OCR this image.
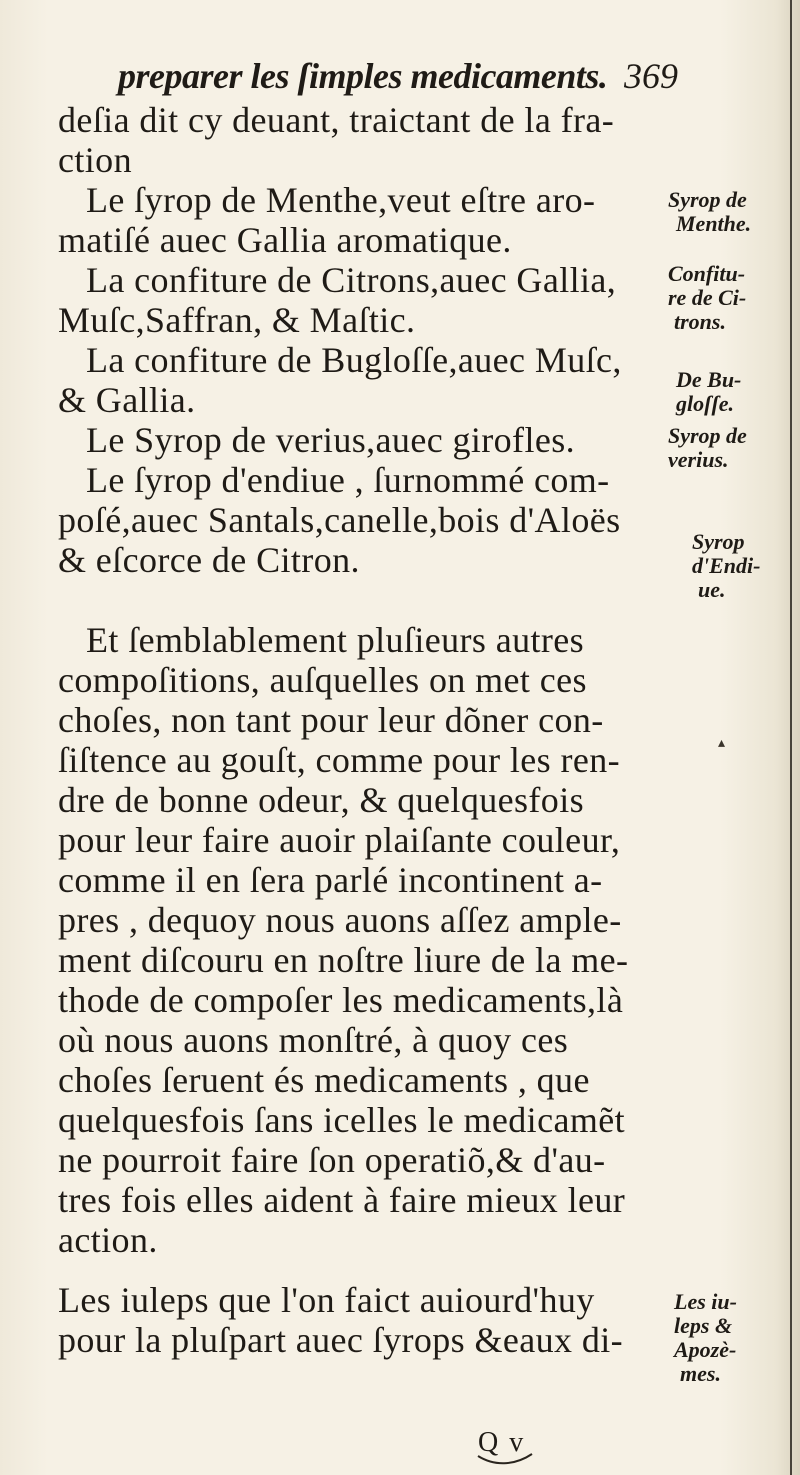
preparer les ſimples medicaments. 369
deſia dit cy deuant, traictant de la fra-
ction
Le ſyrop de Menthe,veut eſtre aro-
matiſé auec Gallia aromatique.
La confiture de Citrons,auec Gallia,
Muſc,Saffran, & Maſtic.
La confiture de Bugloſſe,auec Muſc,
& Gallia.
Le Syrop de verius,auec girofles.
Le ſyrop d'endiue , ſurnommé com-
poſé,auec Santals,canelle,bois d'Aloës
& eſcorce de Citron.
Et ſemblablement pluſieurs autres
compoſitions, auſquelles on met ces
choſes, non tant pour leur dõner con-
ſiſtence au gouſt, comme pour les ren-
dre de bonne odeur, & quelquesfois
pour leur faire auoir plaiſante couleur,
comme il en ſera parlé incontinent a-
pres , dequoy nous auons aſſez ample-
ment diſcouru en noſtre liure de la me-
thode de compoſer les medicaments,là
où nous auons monſtré, à quoy ces
choſes ſeruent és medicaments , que
quelquesfois ſans icelles le medicamẽt
ne pourroit faire ſon operatiõ,& d'au-
tres fois elles aident à faire mieux leur
action.
Les iuleps que l'on faict auiourd'huy
pour la pluſpart auec ſyrops &eaux di-
Syrop de
Menthe.
Confitu-
re de Ci-
trons.
De Bu-
gloſſe.
Syrop de
verius.
Syrop
d'Endi-
ue.
Les iu-
leps &
Apozè-
mes.
▴
Q v
